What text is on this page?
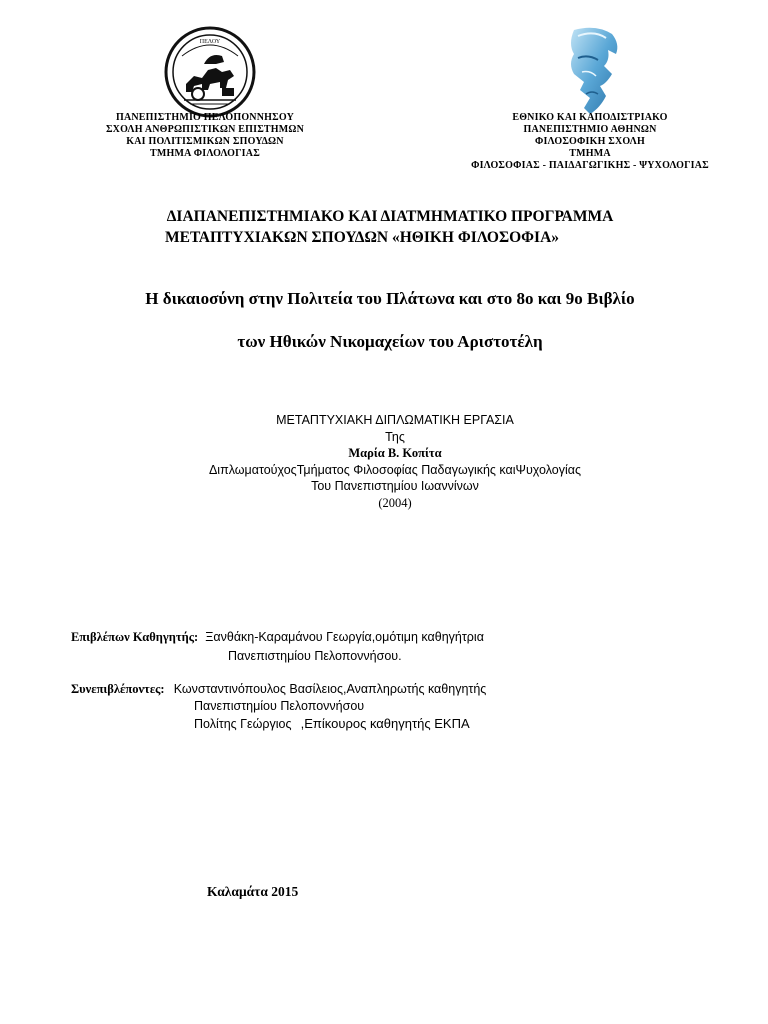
ΠΕΛΟΥ
ΠΑΝΕΠΙΣΤΗΜΙΟ ΠΕΛΟΠΟΝΝΗΣΟΥ
ΣΧΟΛΗ ΑΝΘΡΩΠΙΣΤΙΚΩΝ ΕΠΙΣΤΗΜΩΝ
ΚΑΙ ΠΟΛΙΤΙΣΜΙΚΩΝ ΣΠΟΥΔΩΝ
ΤΜΗΜΑ ΦΙΛΟΛΟΓΙΑΣ
ΕΘΝΙΚΟ ΚΑΙ ΚΑΠΟΔΙΣΤΡΙΑΚΟ
ΠΑΝΕΠΙΣΤΗΜΙΟ ΑΘΗΝΩΝ
ΦΙΛΟΣΟΦΙΚΗ ΣΧΟΛΗ
ΤΜΗΜΑ
ΦΙΛΟΣΟΦΙΑΣ - ΠΑΙΔΑΓΩΓΙΚΗΣ - ΨΥΧΟΛΟΓΙΑΣ
ΔΙΑΠΑΝΕΠΙΣΤΗΜΙΑΚΟ ΚΑΙ ΔΙΑΤΜΗΜΑΤΙΚΟ ΠΡΟΓΡΑΜΜΑ
ΜΕΤΑΠΤΥΧΙΑΚΩΝ ΣΠΟΥΔΩΝ «ΗΘΙΚΗ ΦΙΛΟΣΟΦΙΑ»
Η δικαιοσύνη στην Πολιτεία του Πλάτωνα και στο 8ο και 9ο Βιβλίο
των Ηθικών Νικομαχείων του Αριστοτέλη
ΜΕΤΑΠΤΥΧΙΑΚΗ ΔΙΠΛΩΜΑΤΙΚΗ ΕΡΓΑΣΙΑ
Της
Μαρία Β. Κοπίτα
ΔιπλωματούχοςΤμήματος Φιλοσοφίας Παδαγωγικής καιΨυχολογίας
Του Πανεπιστημίου Ιωαννίνων
(2004)
Επιβλέπων Καθηγητής: Ξανθάκη-Καραμάνου Γεωργία,ομότιμη καθηγήτρια
Πανεπιστημίου Πελοποννήσου.
Συνεπιβλέποντες: Κωνσταντινόπουλος Βασίλειος,Αναπληρωτής καθηγητής
Πανεπιστημίου Πελοποννήσου
Πολίτης Γεώργιος ,Επίκουρος καθηγητής ΕΚΠΑ
Καλαμάτα 2015
